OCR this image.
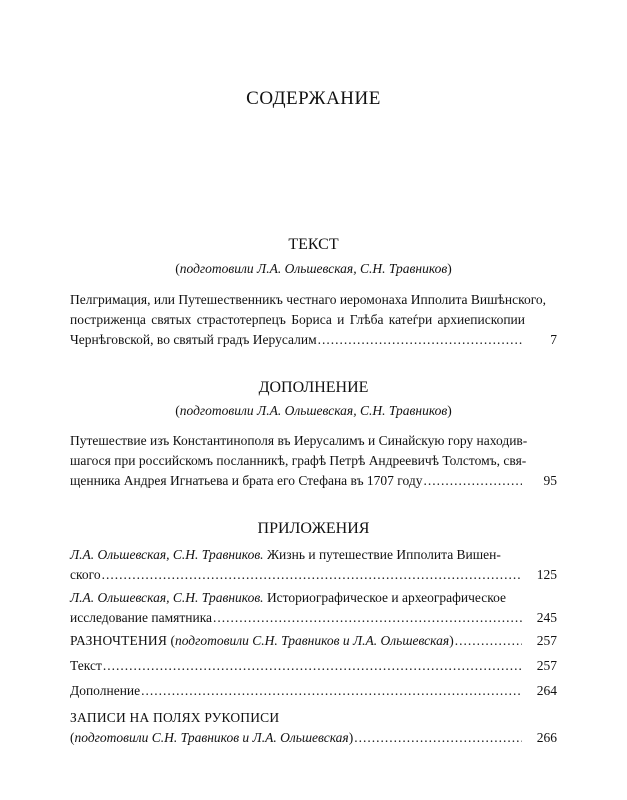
СОДЕРЖАНИЕ
ТЕКСТ
(подготовили Л.А. Ольшевская, С.Н. Травников)
Пелгримация, или Путешественникъ честнаго иеромонаха Ипполита Вишѣнского,
постриженца святых страстотерпецъ Бориса и Глѣба катеѓри архиепископии
Чернѣговской, во святый градъ Иерусалим .....	7
ДОПОЛНЕНИЕ
(подготовили Л.А. Ольшевская, С.Н. Травников)
Путешествие изъ Константинополя въ Иерусалимъ и Синайскую гору находив-
шагося при российскомъ посланникѣ, графѣ Петрѣ Андреевичѣ Толстомъ, свя-
щенника Андрея Игнатьева и брата его Стефана въ 1707 году .....	95
ПРИЛОЖЕНИЯ
Л.А. Ольшевская, С.Н. Травников. Жизнь и путешествие Ипполита Вишен-
ского .....	125
Л.А. Ольшевская, С.Н. Травников. Историографическое и археографическое
исследование памятника .....	245
РАЗНОЧТЕНИЯ (подготовили С.Н. Травников и Л.А. Ольшевская) .....	257
Текст .....	257
Дополнение .....	264
ЗАПИСИ НА ПОЛЯХ РУКОПИСИ
(подготовили С.Н. Травников и Л.А. Ольшевская) .....	266
